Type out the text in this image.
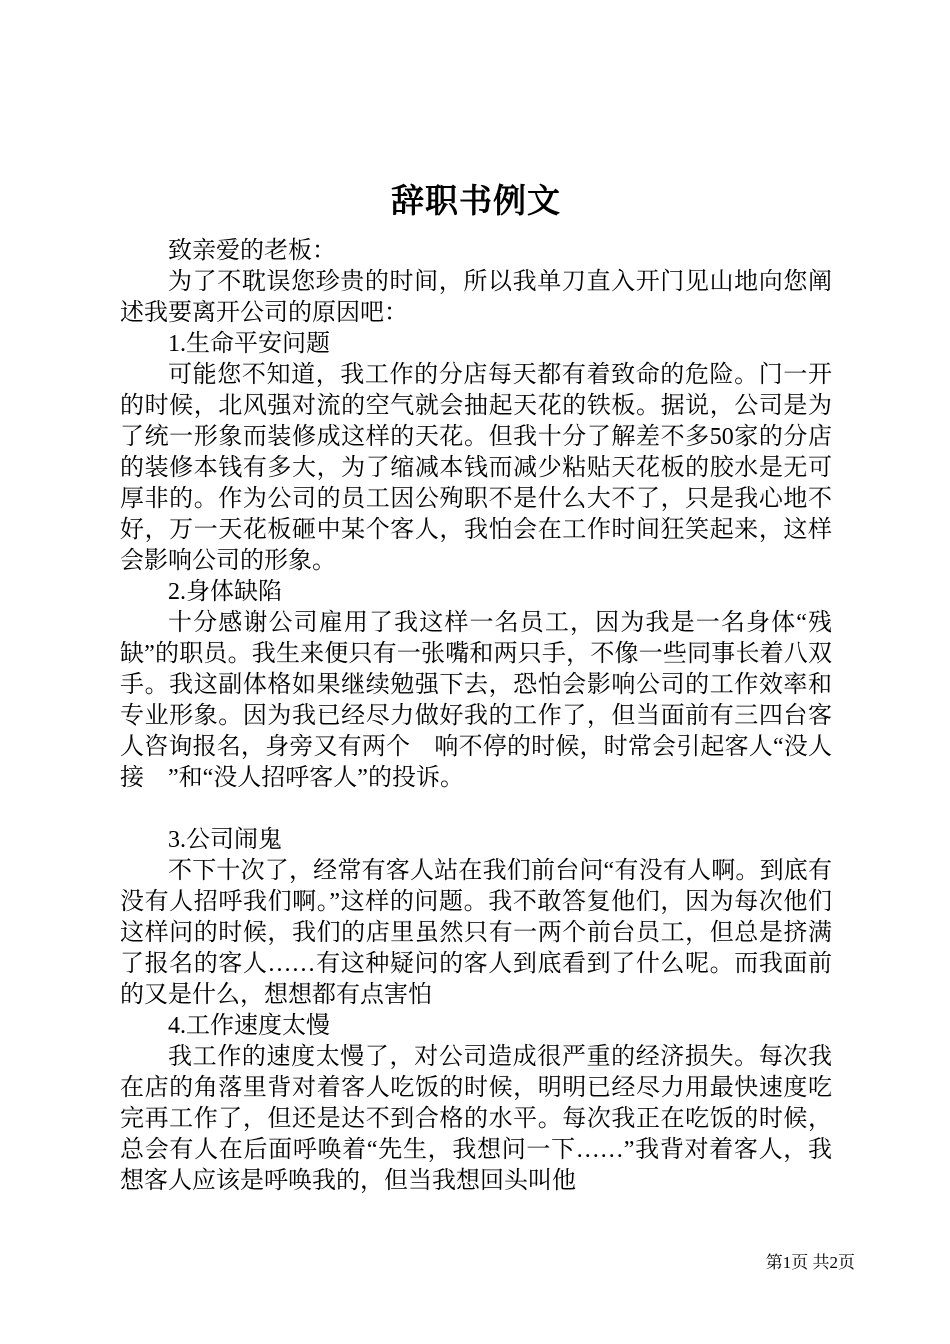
辞职书例文

致亲爱的老板：

为了不耽误您珍贵的时间，所以我单刀直入开门见山地向您阐述我要离开公司的原因吧：

1.生命平安问题

可能您不知道，我工作的分店每天都有着致命的危险。门一开的时候，北风强对流的空气就会抽起天花的铁板。据说，公司是为了统一形象而装修成这样的天花。但我十分了解差不多50家的分店的装修本钱有多大，为了缩减本钱而减少粘贴天花板的胶水是无可厚非的。作为公司的员工因公殉职不是什么大不了，只是我心地不好，万一天花板砸中某个客人，我怕会在工作时间狂笑起来，这样会影响公司的形象。

2.身体缺陷

十分感谢公司雇用了我这样一名员工，因为我是一名身体“残缺”的职员。我生来便只有一张嘴和两只手，不像一些同事长着八双手。我这副体格如果继续勉强下去，恐怕会影响公司的工作效率和专业形象。因为我已经尽力做好我的工作了，但当面前有三四台客人咨询报名，身旁又有两个　响不停的时候，时常会引起客人“没人接　”和“没人招呼客人”的投诉。

3.公司闹鬼

不下十次了，经常有客人站在我们前台问“有没有人啊。到底有没有人招呼我们啊。”这样的问题。我不敢答复他们，因为每次他们这样问的时候，我们的店里虽然只有一两个前台员工，但总是挤满了报名的客人……有这种疑问的客人到底看到了什么呢。而我面前的又是什么，想想都有点害怕

4.工作速度太慢

我工作的速度太慢了，对公司造成很严重的经济损失。每次我在店的角落里背对着客人吃饭的时候，明明已经尽力用最快速度吃完再工作了，但还是达不到合格的水平。每次我正在吃饭的时候，总会有人在后面呼唤着“先生，我想问一下……”我背对着客人，我想客人应该是呼唤我的，但当我想回头叫他

第1页 共2页
